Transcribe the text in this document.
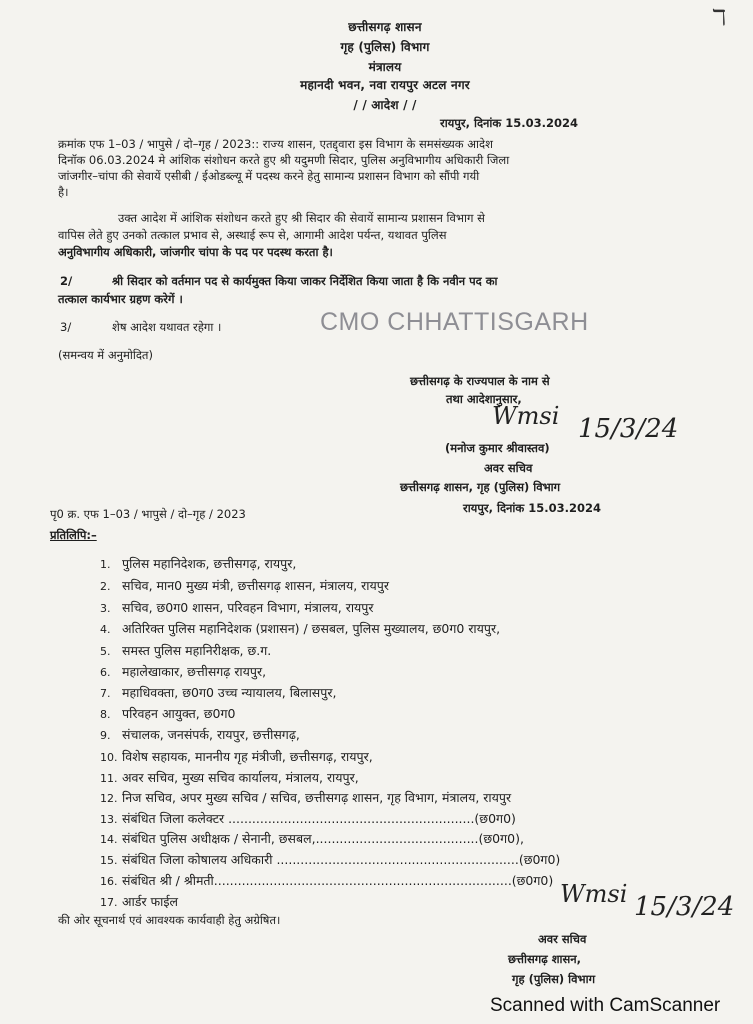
ℸ
छत्तीसगढ़ शासन
गृह (पुलिस) विभाग
मंत्रालय
महानदी भवन, नवा रायपुर अटल नगर
/ / आदेश / /
रायपुर, दिनांक 15.03.2024
क्रमांक एफ 1–03 / भापुसे / दो–गृह / 2023:: राज्य शासन, एतद्द्वारा इस विभाग के समसंख्यक आदेश
दिनॉक 06.03.2024 मे आंशिक संशोधन करते हुए श्री यदुमणी सिदार, पुलिस अनुविभागीय अधिकारी जिला
जांजगीर–चांपा की सेवायें एसीबी / ईओडब्ल्यू में पदस्थ करने हेतु सामान्य प्रशासन विभाग को सौंपी गयी
है।
उक्त आदेश में आंशिक संशोधन करते हुए श्री सिदार की सेवायें सामान्य प्रशासन विभाग से
वापिस लेते हुए उनको तत्काल प्रभाव से, अस्थाई रूप से, आगामी आदेश पर्यन्त, यथावत पुलिस
अनुविभागीय अधिकारी, जांजगीर चांपा के पद पर पदस्थ करता है।
2/	श्री सिदार को वर्तमान पद से कार्यमुक्त किया जाकर निर्देशित किया जाता है कि नवीन पद का
तत्काल कार्यभार ग्रहण करेगें ।
3/	शेष आदेश यथावत रहेगा ।	CMO CHHATTISGARH
(समन्वय में अनुमोदित)
छत्तीसगढ़ के राज्यपाल के नाम से
तथा आदेशानुसार,
Wmsi 15/3/24
(मनोज कुमार श्रीवास्तव)
अवर सचिव
छत्तीसगढ़ शासन, गृह (पुलिस) विभाग
पृ0 क्र. एफ 1–03 / भापुसे / दो–गृह / 2023	रायपुर, दिनांक 15.03.2024
प्रतिलिपि:–
1. पुलिस महानिदेशक, छत्तीसगढ़, रायपुर,
2. सचिव, मान0 मुख्य मंत्री, छत्तीसगढ़ शासन, मंत्रालय, रायपुर
3. सचिव, छ0ग0 शासन, परिवहन विभाग, मंत्रालय, रायपुर
4. अतिरिक्त पुलिस महानिदेशक (प्रशासन) / छसबल, पुलिस मुख्यालय, छ0ग0 रायपुर,
5. समस्त पुलिस महानिरीक्षक, छ.ग.
6. महालेखाकार, छत्तीसगढ़ रायपुर,
7. महाधिवक्ता, छ0ग0 उच्च न्यायालय, बिलासपुर,
8. परिवहन आयुक्त, छ0ग0
9. संचालक, जनसंपर्क, रायपुर, छत्तीसगढ़,
10. विशेष सहायक, माननीय गृह मंत्रीजी, छत्तीसगढ़, रायपुर,
11. अवर सचिव, मुख्य सचिव कार्यालय, मंत्रालय, रायपुर,
12. निज सचिव, अपर मुख्य सचिव / सचिव, छत्तीसगढ़ शासन, गृह विभाग, मंत्रालय, रायपुर
13. संबंधित जिला कलेक्टर ..............................................................(छ0ग0)
14. संबंधित पुलिस अधीक्षक / सेनानी, छसबल,.........................................(छ0ग0),
15. संबंधित जिला कोषालय अधिकारी .............................................................(छ0ग0)
16. संबंधित श्री / श्रीमती...........................................................................(छ0ग0)
17. आर्डर फाईल
की ओर सूचनार्थ एवं आवश्यक कार्यवाही हेतु अग्रेषित।
Wmsi 15/3/24
अवर सचिव
छत्तीसगढ़ शासन,
गृह (पुलिस) विभाग
Scanned with CamScanner
